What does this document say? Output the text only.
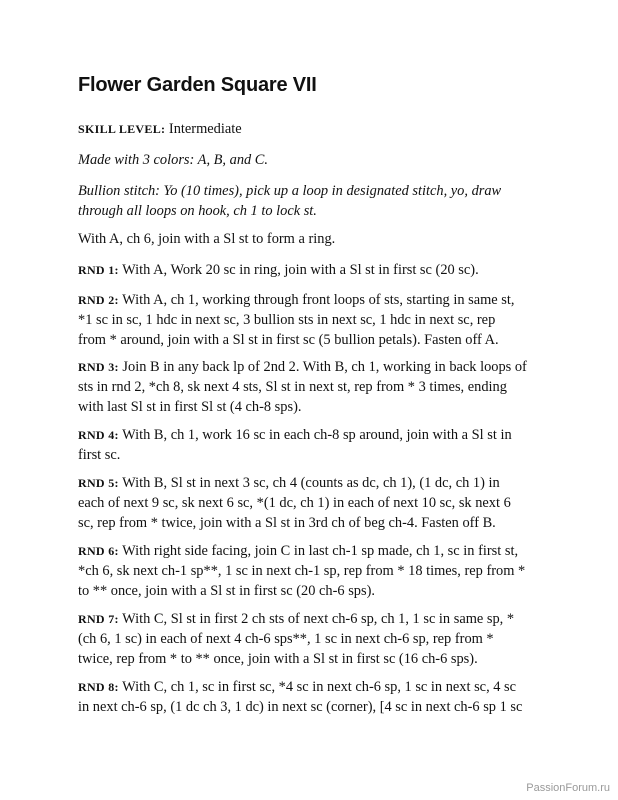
Flower Garden Square VII

SKILL LEVEL: Intermediate

Made with 3 colors: A, B, and C.

Bullion stitch: Yo (10 times), pick up a loop in designated stitch, yo, draw
through all loops on hook, ch 1 to lock st.

With A, ch 6, join with a Sl st to form a ring.

RND 1: With A, Work 20 sc in ring, join with a Sl st in first sc (20 sc).

RND 2: With A, ch 1, working through front loops of sts, starting in same st,
*1 sc in sc, 1 hdc in next sc, 3 bullion sts in next sc, 1 hdc in next sc, rep
from * around, join with a Sl st in first sc (5 bullion petals). Fasten off A.

RND 3: Join B in any back lp of 2nd 2. With B, ch 1, working in back loops of
sts in rnd 2, *ch 8, sk next 4 sts, Sl st in next st, rep from * 3 times, ending
with last Sl st in first Sl st (4 ch-8 sps).

RND 4: With B, ch 1, work 16 sc in each ch-8 sp around, join with a Sl st in
first sc.

RND 5: With B, Sl st in next 3 sc, ch 4 (counts as dc, ch 1), (1 dc, ch 1) in
each of next 9 sc, sk next 6 sc, *(1 dc, ch 1) in each of next 10 sc, sk next 6
sc, rep from * twice, join with a Sl st in 3rd ch of beg ch-4. Fasten off B.

RND 6: With right side facing, join C in last ch-1 sp made, ch 1, sc in first st,
*ch 6, sk next ch-1 sp**, 1 sc in next ch-1 sp, rep from * 18 times, rep from *
to ** once, join with a Sl st in first sc (20 ch-6 sps).

RND 7: With C, Sl st in first 2 ch sts of next ch-6 sp, ch 1, 1 sc in same sp, *
(ch 6, 1 sc) in each of next 4 ch-6 sps**, 1 sc in next ch-6 sp, rep from *
twice, rep from * to ** once, join with a Sl st in first sc (16 ch-6 sps).

RND 8: With C, ch 1, sc in first sc, *4 sc in next ch-6 sp, 1 sc in next sc, 4 sc
in next ch-6 sp, (1 dc ch 3, 1 dc) in next sc (corner), [4 sc in next ch-6 sp 1 sc

PassionForum.ru
